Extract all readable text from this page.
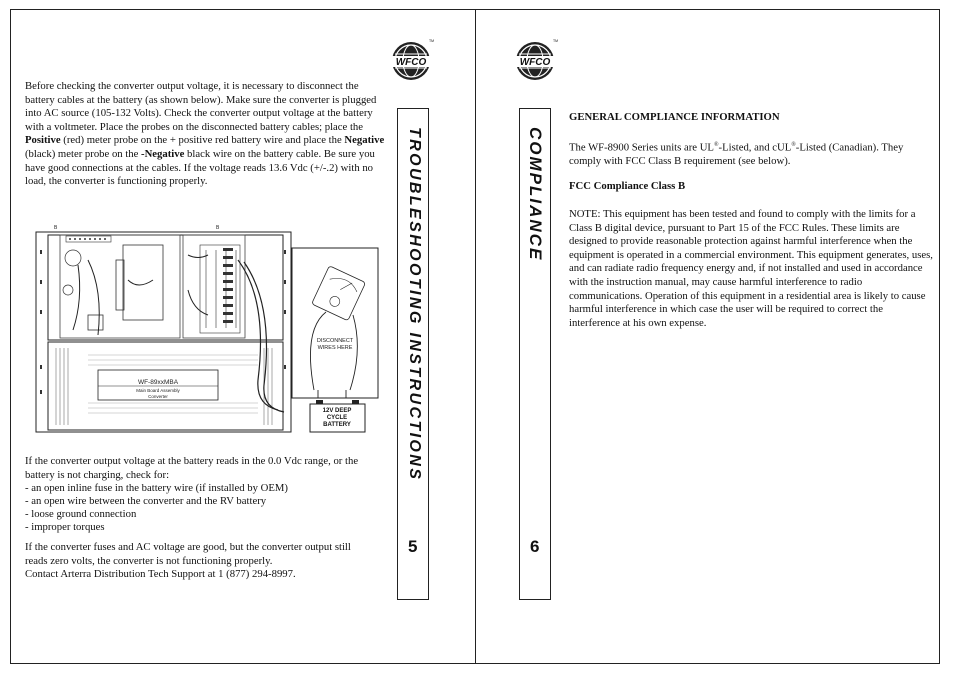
WFCO
TM

Before checking the converter output voltage, it is necessary to disconnect the battery cables at the battery (as shown below). Make sure the converter is plugged into AC source (105-132 Volts). Check the converter output voltage at the battery with a voltmeter. Place the probes on the disconnected battery cables; place the Positive (red) meter probe on the + positive red battery wire and place the Negative (black) meter probe on the -Negative black wire on the battery cable. Be sure you have good connections at the cables. If the voltage reads 13.6 Vdc (+/-.2) with no load, the converter is functioning properly.

B	B
WF-89xxMBA
Main Board Assembly
Converter
DISCONNECT
WIRES HERE
12V DEEP
CYCLE
BATTERY

If the converter output voltage at the battery reads in the 0.0 Vdc range, or the battery is not charging, check for:

- an open inline fuse in the battery wire (if installed by OEM)

- an open wire between the converter and the RV battery

- loose ground connection

- improper torques

If the converter fuses and AC voltage are good, but the converter output still reads zero volts, the converter is not functioning properly.

Contact Arterra Distribution Tech Support at 1 (877) 294-8997.

TROUBLESHOOTING INSTRUCTIONS
5
WFCO
TM
COMPLIANCE
6

GENERAL COMPLIANCE INFORMATION

The WF-8900 Series units are UL®-Listed, and cUL®-Listed (Canadian). They comply with FCC Class B requirement (see below).

FCC Compliance Class B

NOTE: This equipment has been tested and found to comply with the limits for a Class B digital device, pursuant to Part 15 of the FCC Rules. These limits are designed to provide reasonable protection against harmful interference when the equipment is operated in a commercial environment. This equipment generates, uses, and can radiate radio frequency energy and, if not installed and used in accordance with the instruction manual, may cause harmful interference to radio communications. Operation of this equipment in a residential area is likely to cause harmful interference in which case the user will be required to correct the interference at his own expense.
